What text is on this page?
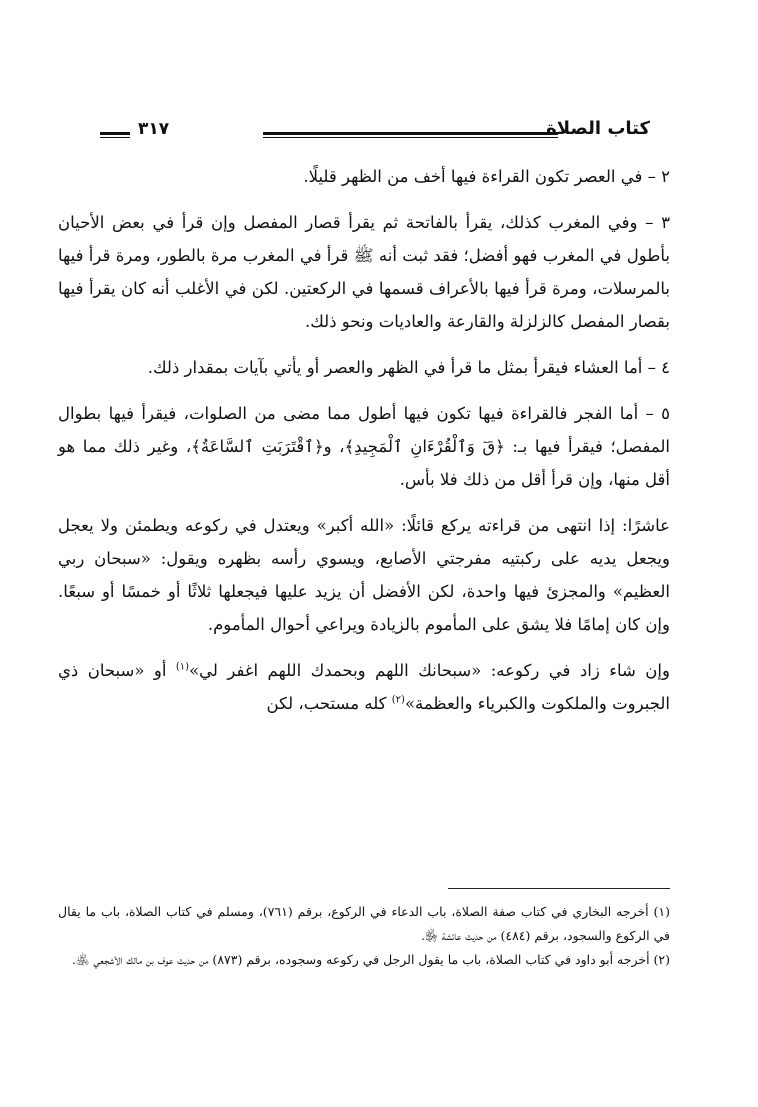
كتاب الصلاة
٣١٧

٢ – في العصر تكون القراءة فيها أخف من الظهر قليلًا.

٣ – وفي المغرب كذلك، يقرأ بالفاتحة ثم يقرأ قصار المفصل وإن قرأ في بعض الأحيان بأطول في المغرب فهو أفضل؛ فقد ثبت أنه ﷺ قرأ في المغرب مرة بالطور، ومرة قرأ فيها بالمرسلات، ومرة قرأ فيها بالأعراف قسمها في الركعتين. لكن في الأغلب أنه كان يقرأ فيها بقصار المفصل كالزلزلة والقارعة والعاديات ونحو ذلك.

٤ – أما العشاء فيقرأ بمثل ما قرأ في الظهر والعصر أو يأتي بآيات بمقدار ذلك.

٥ – أما الفجر فالقراءة فيها تكون فيها أطول مما مضى من الصلوات، فيقرأ فيها بطوال المفصل؛ فيقرأ فيها بـ: ﴿قٓ وَٱلْقُرْءَانِ ٱلْمَجِيدِ﴾، و﴿ٱقْتَرَبَتِ ٱلسَّاعَةُ﴾، وغير ذلك مما هو أقل منها، وإن قرأ أقل من ذلك فلا بأس.

عاشرًا: إذا انتهى من قراءته يركع قائلًا: «الله أكبر» ويعتدل في ركوعه ويطمئن ولا يعجل ويجعل يديه على ركبتيه مفرجتي الأصابع، ويسوي رأسه بظهره ويقول: «سبحان ربي العظيم» والمجزئ فيها واحدة، لكن الأفضل أن يزيد عليها فيجعلها ثلاثًا أو خمسًا أو سبعًا. وإن كان إمامًا فلا يشق على المأموم بالزيادة ويراعي أحوال المأموم.

وإن شاء زاد في ركوعه: «سبحانك اللهم وبحمدك اللهم اغفر لي»$^{(١)}$ أو «سبحان ذي الجبروت والملكوت والكبرياء والعظمة»$^{(٢)}$ كله مستحب، لكن

(١) أخرجه البخاري في كتاب صفة الصلاة، باب الدعاء في الركوع، برقم (٧٦١)، ومسلم في كتاب الصلاة، باب ما يقال في الركوع والسجود، برقم (٤٨٤) من حديث عائشة ﵂.

(٢) أخرجه أبو داود في كتاب الصلاة، باب ما يقول الرجل في ركوعه وسجوده، برقم (٨٧٣) من حديث عوف بن مالك الأشجعي ﵁.
